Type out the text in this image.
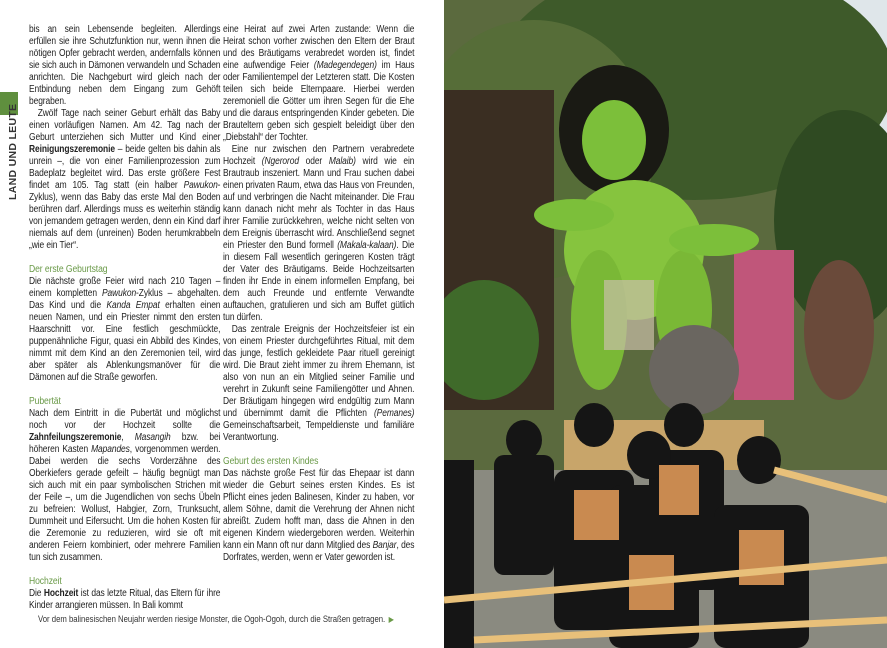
LAND UND LEUTE

bis an sein Lebensende begleiten. Allerdings erfüllen sie ihre Schutzfunktion nur, wenn ihnen die nötigen Opfer gebracht werden, andernfalls können sie sich auch in Dämonen verwandeln und Schaden anrichten. Die Nachgeburt wird gleich nach der Entbindung neben dem Eingang zum Gehöft begraben.

Zwölf Tage nach seiner Geburt erhält das Baby einen vorläufigen Namen. Am 42. Tag nach der Geburt unterziehen sich Mutter und Kind einer Reinigungszeremonie – beide gelten bis dahin als unrein –, die von einer Familienprozession zum Badeplatz begleitet wird. Das erste größere Fest findet am 105. Tag statt (ein halber Pawukon-Zyklus), wenn das Baby das erste Mal den Boden berühren darf. Allerdings muss es weiterhin ständig von jemandem getragen werden, denn ein Kind darf niemals auf dem (unreinen) Boden herumkrabbeln „wie ein Tier“.

Der erste Geburtstag

Die nächste große Feier wird nach 210 Tagen – einem kompletten Pawukon-Zyklus – abgehalten. Das Kind und die Kanda Empat erhalten einen neuen Namen, und ein Priester nimmt den ersten Haarschnitt vor. Eine festlich geschmückte, puppenähnliche Figur, quasi ein Abbild des Kindes, nimmt mit dem Kind an den Zeremonien teil, wird aber später als Ablenkungsmanöver für die Dämonen auf die Straße geworfen.

Pubertät

Nach dem Eintritt in die Pubertät und möglichst noch vor der Hochzeit sollte die Zahnfeilungszeremonie, Masangih bzw. bei höheren Kasten Mapandes, vorgenommen werden. Dabei werden die sechs Vorderzähne des Oberkiefers gerade gefeilt – häufig begnügt man sich auch mit ein paar symbolischen Strichen mit der Feile –, um die Jugendlichen von sechs Übeln zu befreien: Wollust, Habgier, Zorn, Trunksucht, Dummheit und Eifersucht. Um die hohen Kosten für die Zeremonie zu reduzieren, wird sie oft mit anderen Feiern kombiniert, oder mehrere Familien tun sich zusammen.

Hochzeit

Die Hochzeit ist das letzte Ritual, das Eltern für ihre Kinder arrangieren müssen. In Bali kommt

eine Heirat auf zwei Arten zustande: Wenn die Heirat schon vorher zwischen den Eltern der Braut und des Bräutigams verabredet worden ist, findet eine aufwendige Feier (Madegendegen) im Haus oder Familientempel der Letzteren statt. Die Kosten teilen sich beide Elternpaare. Hierbei werden zeremoniell die Götter um ihren Segen für die Ehe und die daraus entspringenden Kinder gebeten. Die Brauteltern geben sich gespielt beleidigt über den „Diebstahl“ der Tochter.

Eine nur zwischen den Partnern verabredete Hochzeit (Ngerorod oder Malaib) wird wie ein Brautraub inszeniert. Mann und Frau suchen dabei einen privaten Raum, etwa das Haus von Freunden, auf und verbringen die Nacht miteinander. Die Frau kann danach nicht mehr als Tochter in das Haus ihrer Familie zurückkehren, welche nicht selten von dem Ereignis überrascht wird. Anschließend segnet ein Priester den Bund formell (Makala-kalaan). Die in diesem Fall wesentlich geringeren Kosten trägt der Vater des Bräutigams. Beide Hochzeitsarten finden ihr Ende in einem informellen Empfang, bei dem auch Freunde und entfernte Verwandte auftauchen, gratulieren und sich am Buffet gütlich tun dürfen.

Das zentrale Ereignis der Hochzeitsfeier ist ein von einem Priester durchgeführtes Ritual, mit dem das junge, festlich gekleidete Paar rituell gereinigt wird. Die Braut zieht immer zu ihrem Ehemann, ist also von nun an ein Mitglied seiner Familie und verehrt in Zukunft seine Familiengötter und Ahnen. Der Bräutigam hingegen wird endgültig zum Mann und übernimmt damit die Pflichten (Pemanes) Gemeinschaftsarbeit, Tempeldienste und familiäre Verantwortung.

Geburt des ersten Kindes

Das nächste große Fest für das Ehepaar ist dann wieder die Geburt seines ersten Kindes. Es ist Pflicht eines jeden Balinesen, Kinder zu haben, vor allem Söhne, damit die Verehrung der Ahnen nicht abreißt. Zudem hofft man, dass die Ahnen in den eigenen Kindern wiedergeboren werden. Weiterhin kann ein Mann oft nur dann Mitglied des Banjar, des Dorfrates, werden, wenn er Vater geworden ist.

Vor dem balinesischen Neujahr werden riesige Monster, die Ogoh-Ogoh, durch die Straßen getragen. ▶
